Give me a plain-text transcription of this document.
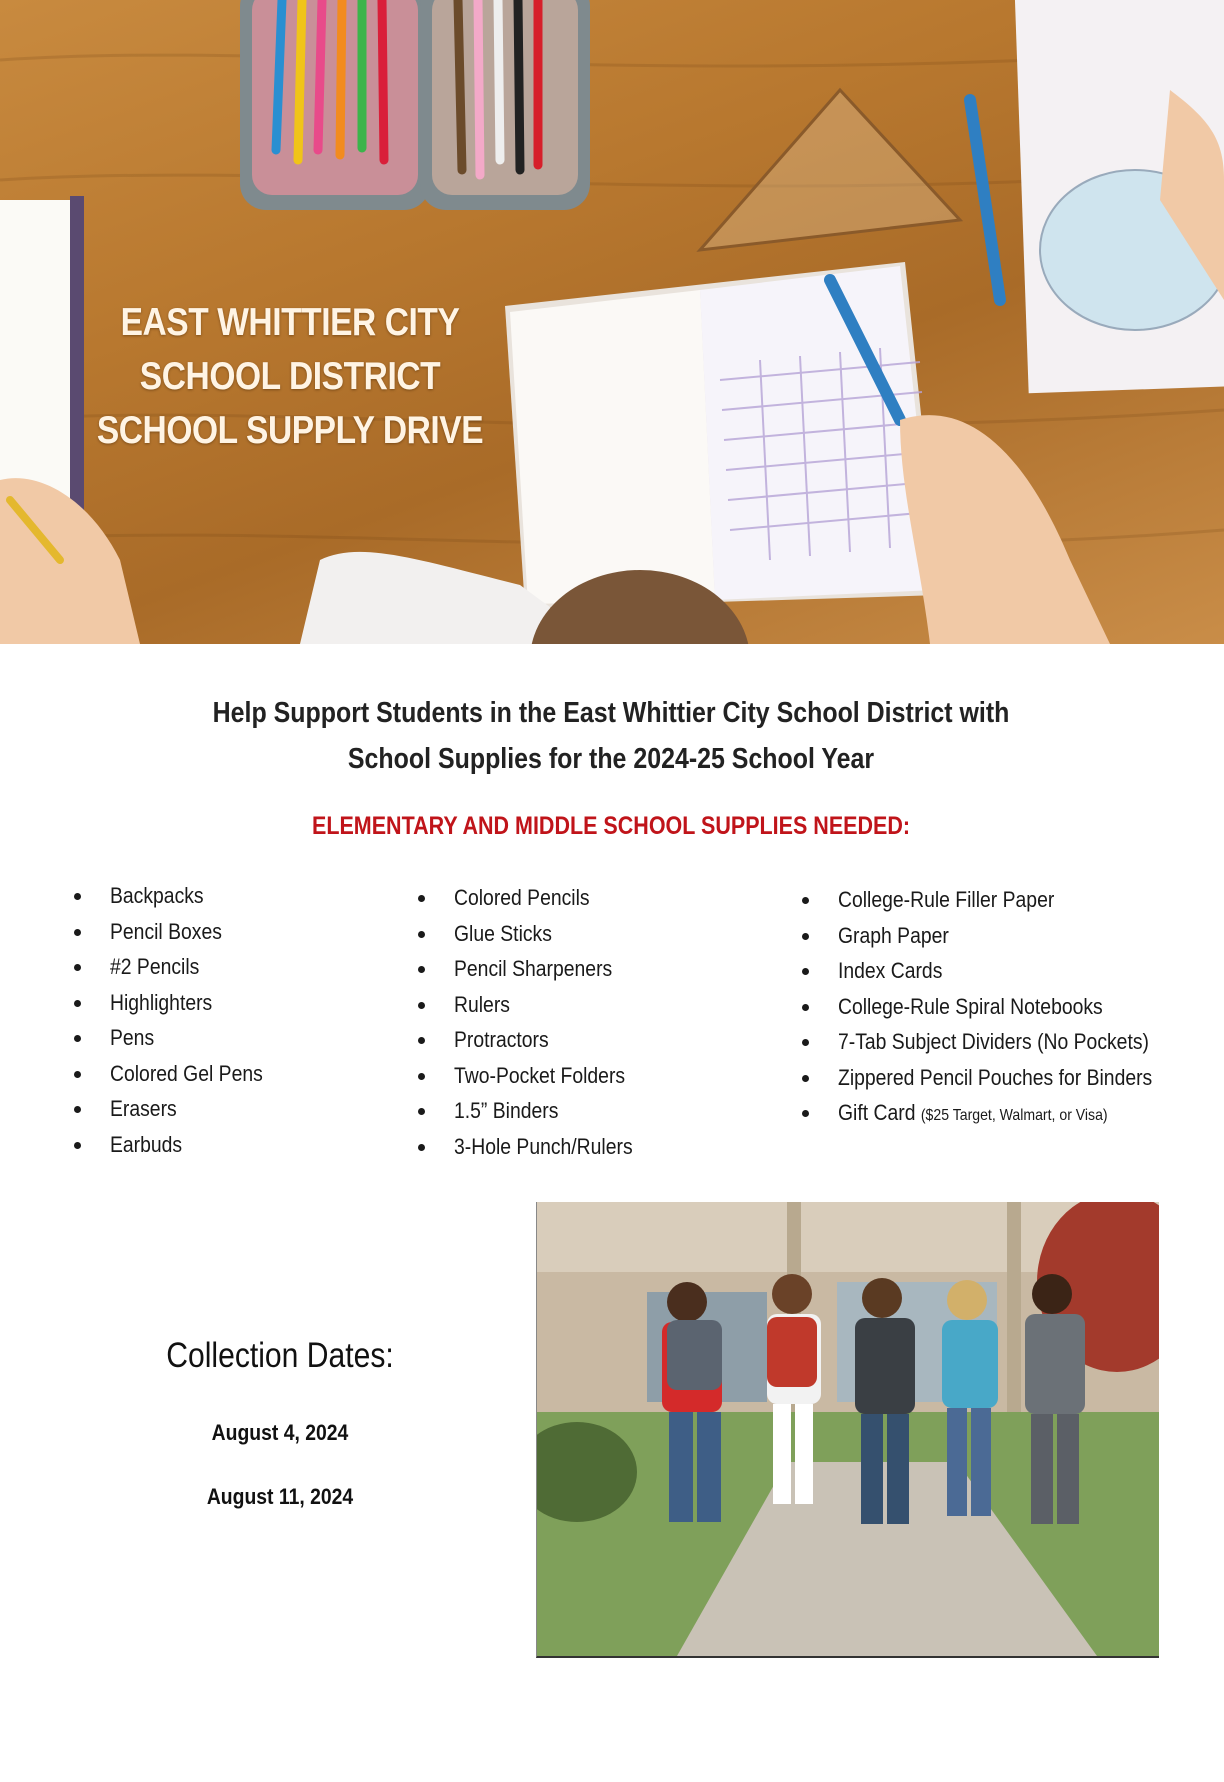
EAST WHITTIER CITY
SCHOOL DISTRICT
SCHOOL SUPPLY DRIVE
Help Support Students in the East Whittier City School District with
School Supplies for the 2024-25 School Year
ELEMENTARY AND MIDDLE SCHOOL SUPPLIES NEEDED:
Backpacks
Pencil Boxes
#2 Pencils
Highlighters
Pens
Colored Gel Pens
Erasers
Earbuds
Colored Pencils
Glue Sticks
Pencil Sharpeners
Rulers
Protractors
Two-Pocket Folders
1.5” Binders
3-Hole Punch/Rulers
College-Rule Filler Paper
Graph Paper
Index Cards
College-Rule Spiral Notebooks
7-Tab Subject Dividers (No Pockets)
Zippered Pencil Pouches for Binders
Gift Card ($25 Target, Walmart, or Visa)
Collection Dates:
August 4, 2024
August 11, 2024
